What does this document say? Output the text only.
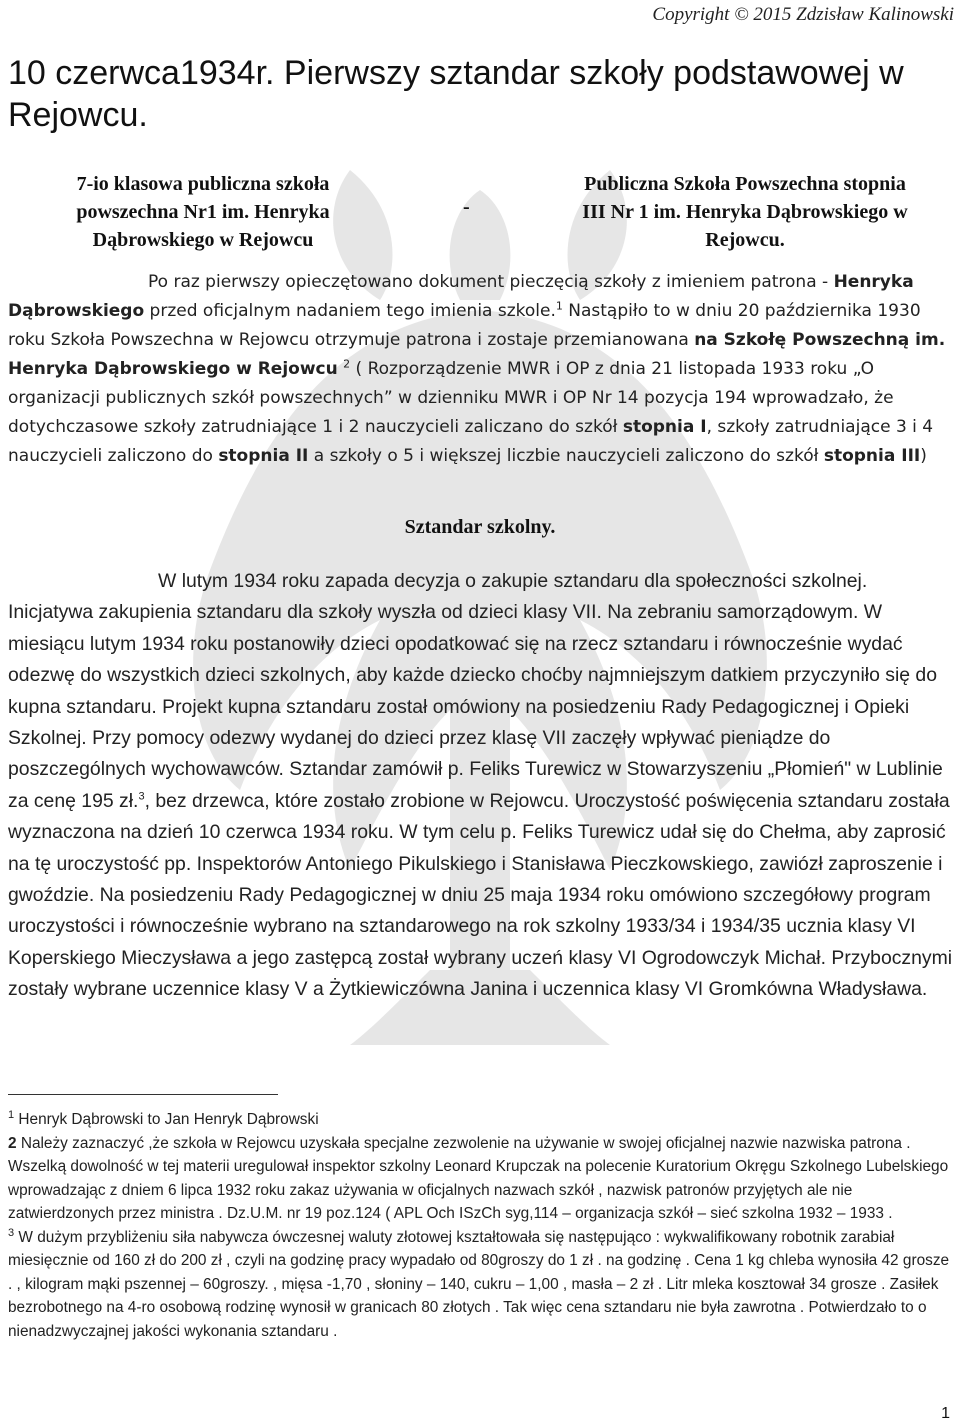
Copyright © 2015 Zdzisław Kalinowski
10 czerwca1934r. Pierwszy sztandar szkoły podstawowej w Rejowcu.
7-io klasowa publiczna szkoła powszechna Nr1 im. Henryka Dąbrowskiego w Rejowcu
-
Publiczna Szkoła Powszechna stopnia III Nr 1 im. Henryka Dąbrowskiego w Rejowcu.
Po raz pierwszy opieczętowano dokument pieczęcią szkoły z imieniem patrona - Henryka Dąbrowskiego przed oficjalnym nadaniem tego imienia szkole.$^1$ Nastąpiło to w dniu 20 października 1930 roku Szkoła Powszechna w Rejowcu otrzymuje patrona i zostaje przemianowana na Szkołę Powszechną im. Henryka Dąbrowskiego w Rejowcu $^2$ ( Rozporządzenie MWR i OP z dnia 21 listopada 1933 roku „O organizacji publicznych szkół powszechnych” w dzienniku MWR i OP Nr 14 pozycja 194 wprowadzało, że dotychczasowe szkoły zatrudniające 1 i 2 nauczycieli zaliczano do szkół stopnia I, szkoły zatrudniające 3 i 4 nauczycieli zaliczono do stopnia II a szkoły o 5 i większej liczbie nauczycieli zaliczono do szkół stopnia III)
Sztandar szkolny.
W lutym 1934 roku zapada decyzja o zakupie sztandaru dla społeczności szkolnej. Inicjatywa zakupienia sztandaru dla szkoły wyszła od dzieci klasy VII. Na zebraniu samorządowym. W miesiącu lutym 1934 roku postanowiły dzieci opodatkować się na rzecz sztandaru i równocześnie wydać odezwę do wszystkich dzieci szkolnych, aby każde dziecko choćby najmniejszym datkiem przyczyniło się do kupna sztandaru. Projekt kupna sztandaru został omówiony na posiedzeniu Rady Pedagogicznej i Opieki Szkolnej. Przy pomocy odezwy wydanej do dzieci przez klasę VII zaczęły wpływać pieniądze do poszczególnych wychowawców. Sztandar zamówił p. Feliks Turewicz w Stowarzyszeniu „Płomień" w Lublinie za cenę 195 zł.$^3$, bez drzewca, które zostało zrobione w Rejowcu. Uroczystość poświęcenia sztandaru została wyznaczona na dzień 10 czerwca 1934 roku. W tym celu p. Feliks Turewicz udał się do Chełma, aby zaprosić na tę uroczystość pp. Inspektorów Antoniego Pikulskiego i Stanisława Pieczkowskiego, zawiózł zaproszenie i gwoździe. Na posiedzeniu Rady Pedagogicznej w dniu 25 maja 1934 roku omówiono szczegółowy program uroczystości i równocześnie wybrano na sztandarowego na rok szkolny 1933/34 i 1934/35 ucznia klasy VI Koperskiego Mieczysława a jego zastępcą został wybrany uczeń klasy VI Ogrodowczyk Michał. Przybocznymi zostały wybrane uczennice klasy V a Żytkiewiczówna Janina i uczennica klasy VI Gromkówna Władysława.

$^1$ Henryk Dąbrowski to Jan Henryk Dąbrowski

2 Należy zaznaczyć ,że szkoła w Rejowcu uzyskała specjalne zezwolenie na używanie w swojej oficjalnej nazwie nazwiska patrona . Wszelką dowolność w tej materii uregulował inspektor szkolny Leonard Krupczak na polecenie Kuratorium Okręgu Szkolnego Lubelskiego wprowadzając z dniem 6 lipca 1932 roku zakaz używania w oficjalnych nazwach szkół , nazwisk patronów przyjętych ale nie zatwierdzonych przez ministra . Dz.U.M. nr 19 poz.124 ( APL Och ISzCh syg,114 – organizacja szkół – sieć szkolna 1932 – 1933 .

$^3$ W dużym przybliżeniu siła nabywcza ówczesnej waluty złotowej kształtowała się następująco : wykwalifikowany robotnik zarabiał miesięcznie od 160 zł do 200 zł , czyli na godzinę pracy wypadało od 80groszy do 1 zł . na godzinę . Cena 1 kg chleba wynosiła 42 grosze . , kilogram mąki pszennej – 60groszy. , mięsa -1,70 , słoniny – 140, cukru – 1,00 , masła – 2 zł . Litr mleka kosztował 34 grosze . Zasiłek bezrobotnego na 4-ro osobową rodzinę wynosił w granicach 80 złotych . Tak więc cena sztandaru nie była zawrotna . Potwierdzało to o nienadzwyczajnej jakości wykonania sztandaru .

1
